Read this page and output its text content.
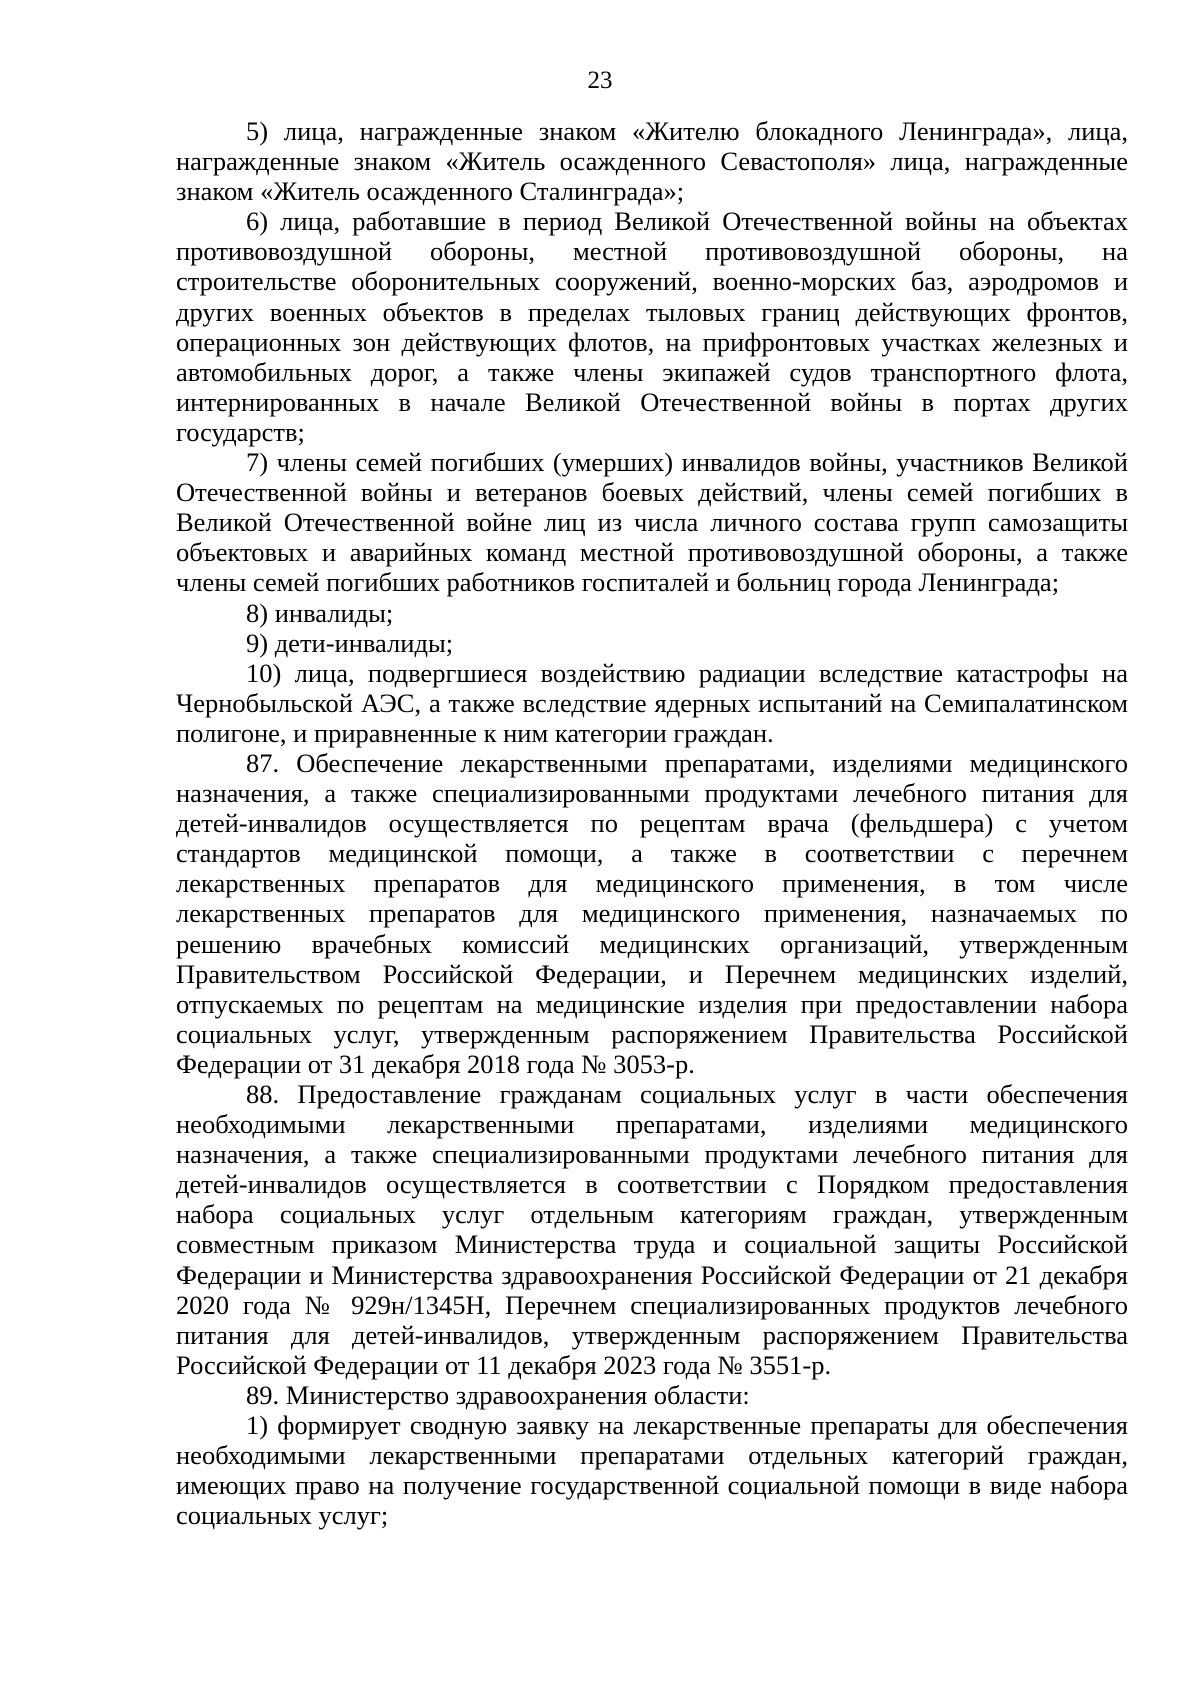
23

5) лица, награжденные знаком «Жителю блокадного Ленинграда», лица, награжденные знаком «Житель осажденного Севастополя» лица, награжденные знаком «Житель осажденного Сталинграда»;

6) лица, работавшие в период Великой Отечественной войны на объектах противовоздушной обороны, местной противовоздушной обороны, на строительстве оборонительных сооружений, военно-морских баз, аэродромов и других военных объектов в пределах тыловых границ действующих фронтов, операционных зон действующих флотов, на прифронтовых участках железных и автомобильных дорог, а также члены экипажей судов транспортного флота, интернированных в начале Великой Отечественной войны в портах других государств;

7) члены семей погибших (умерших) инвалидов войны, участников Великой Отечественной войны и ветеранов боевых действий, члены семей погибших в Великой Отечественной войне лиц из числа личного состава групп самозащиты объектовых и аварийных команд местной противовоздушной обороны, а также члены семей погибших работников госпиталей и больниц города Ленинграда;

8) инвалиды;

9) дети-инвалиды;

10) лица, подвергшиеся воздействию радиации вследствие катастрофы на Чернобыльской АЭС, а также вследствие ядерных испытаний на Семипалатинском полигоне, и приравненные к ним категории граждан.

87. Обеспечение лекарственными препаратами, изделиями медицинского назначения, а также специализированными продуктами лечебного питания для детей-инвалидов осуществляется по рецептам врача (фельдшера) с учетом стандартов медицинской помощи, а также в соответствии с перечнем лекарственных препаратов для медицинского применения, в том числе лекарственных препаратов для медицинского применения, назначаемых по решению врачебных комиссий медицинских организаций, утвержденным Правительством Российской Федерации, и Перечнем медицинских изделий, отпускаемых по рецептам на медицинские изделия при предоставлении набора социальных услуг, утвержденным распоряжением Правительства Российской Федерации от 31 декабря 2018 года № 3053-р.

88. Предоставление гражданам социальных услуг в части обеспечения необходимыми лекарственными препаратами, изделиями медицинского назначения, а также специализированными продуктами лечебного питания для детей-инвалидов осуществляется в соответствии с Порядком предоставления набора социальных услуг отдельным категориям граждан, утвержденным совместным приказом Министерства труда и социальной защиты Российской Федерации и Министерства здравоохранения Российской Федерации от 21 декабря 2020 года № 929н/1345Н, Перечнем специализированных продуктов лечебного питания для детей-инвалидов, утвержденным распоряжением Правительства Российской Федерации от 11 декабря 2023 года № 3551-р.

89. Министерство здравоохранения области:

1) формирует сводную заявку на лекарственные препараты для обеспечения необходимыми лекарственными препаратами отдельных категорий граждан, имеющих право на получение государственной социальной помощи в виде набора социальных услуг;
